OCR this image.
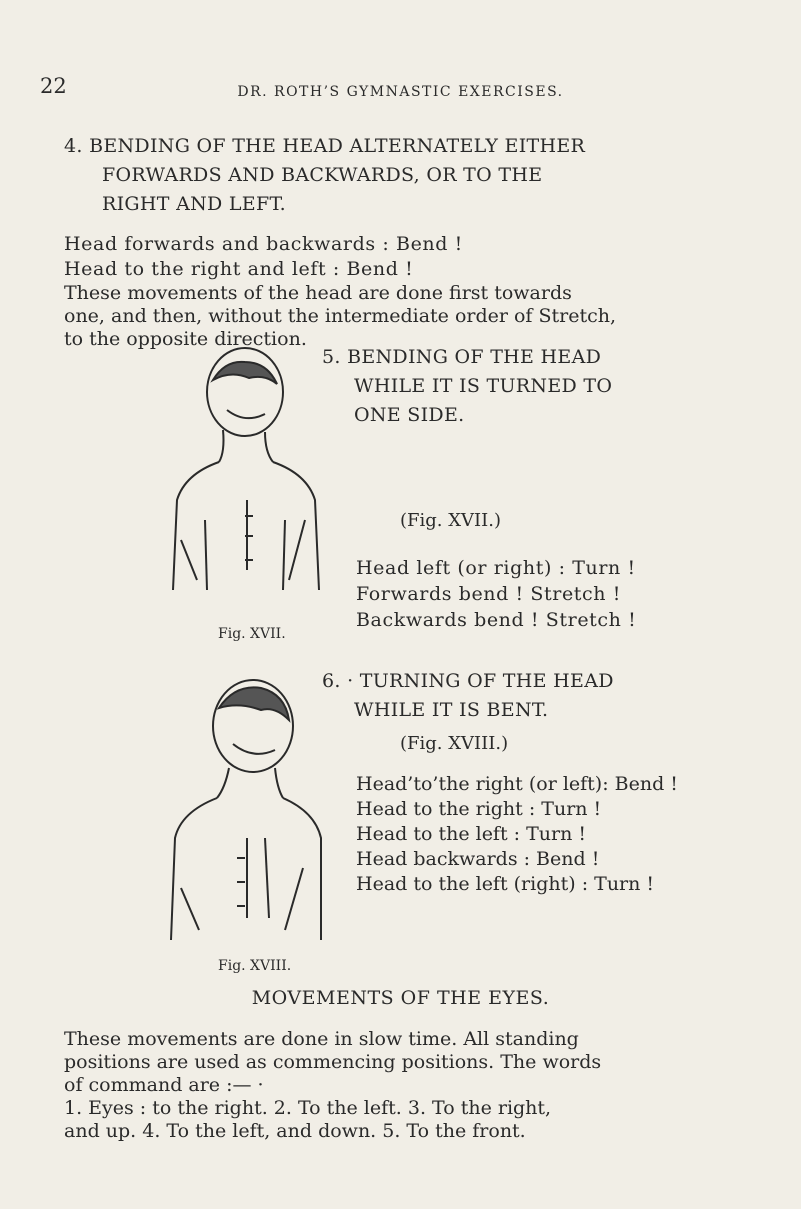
22	DR. ROTH’S GYMNASTIC EXERCISES.
4. BENDING OF THE HEAD ALTERNATELY EITHER
FORWARDS AND BACKWARDS, OR TO THE
RIGHT AND LEFT.
Head forwards and backwards : Bend !
Head to the right and left : Bend !
These movements of the head are done first towards
one, and then, without the intermediate order of Stretch,
to the opposite direction.
Fig. XVII.
Fig. XVIII.
5. BENDING OF THE HEAD
WHILE IT IS TURNED TO
ONE SIDE.
(Fig. XVII.)
Head left (or right) : Turn !
Forwards bend ! Stretch !
Backwards bend ! Stretch !
6. · TURNING OF THE HEAD
WHILE IT IS BENT.
(Fig. XVIII.)
Head’to’the right (or left): Bend !
Head to the right : Turn !
Head to the left : Turn !
Head backwards : Bend !
Head to the left (right) : Turn !
MOVEMENTS OF THE EYES.
These movements are done in slow time. All standing
positions are used as commencing positions. The words
of command are :— ·
1. Eyes : to the right. 2. To the left. 3. To the right,
and up. 4. To the left, and down. 5. To the front.
